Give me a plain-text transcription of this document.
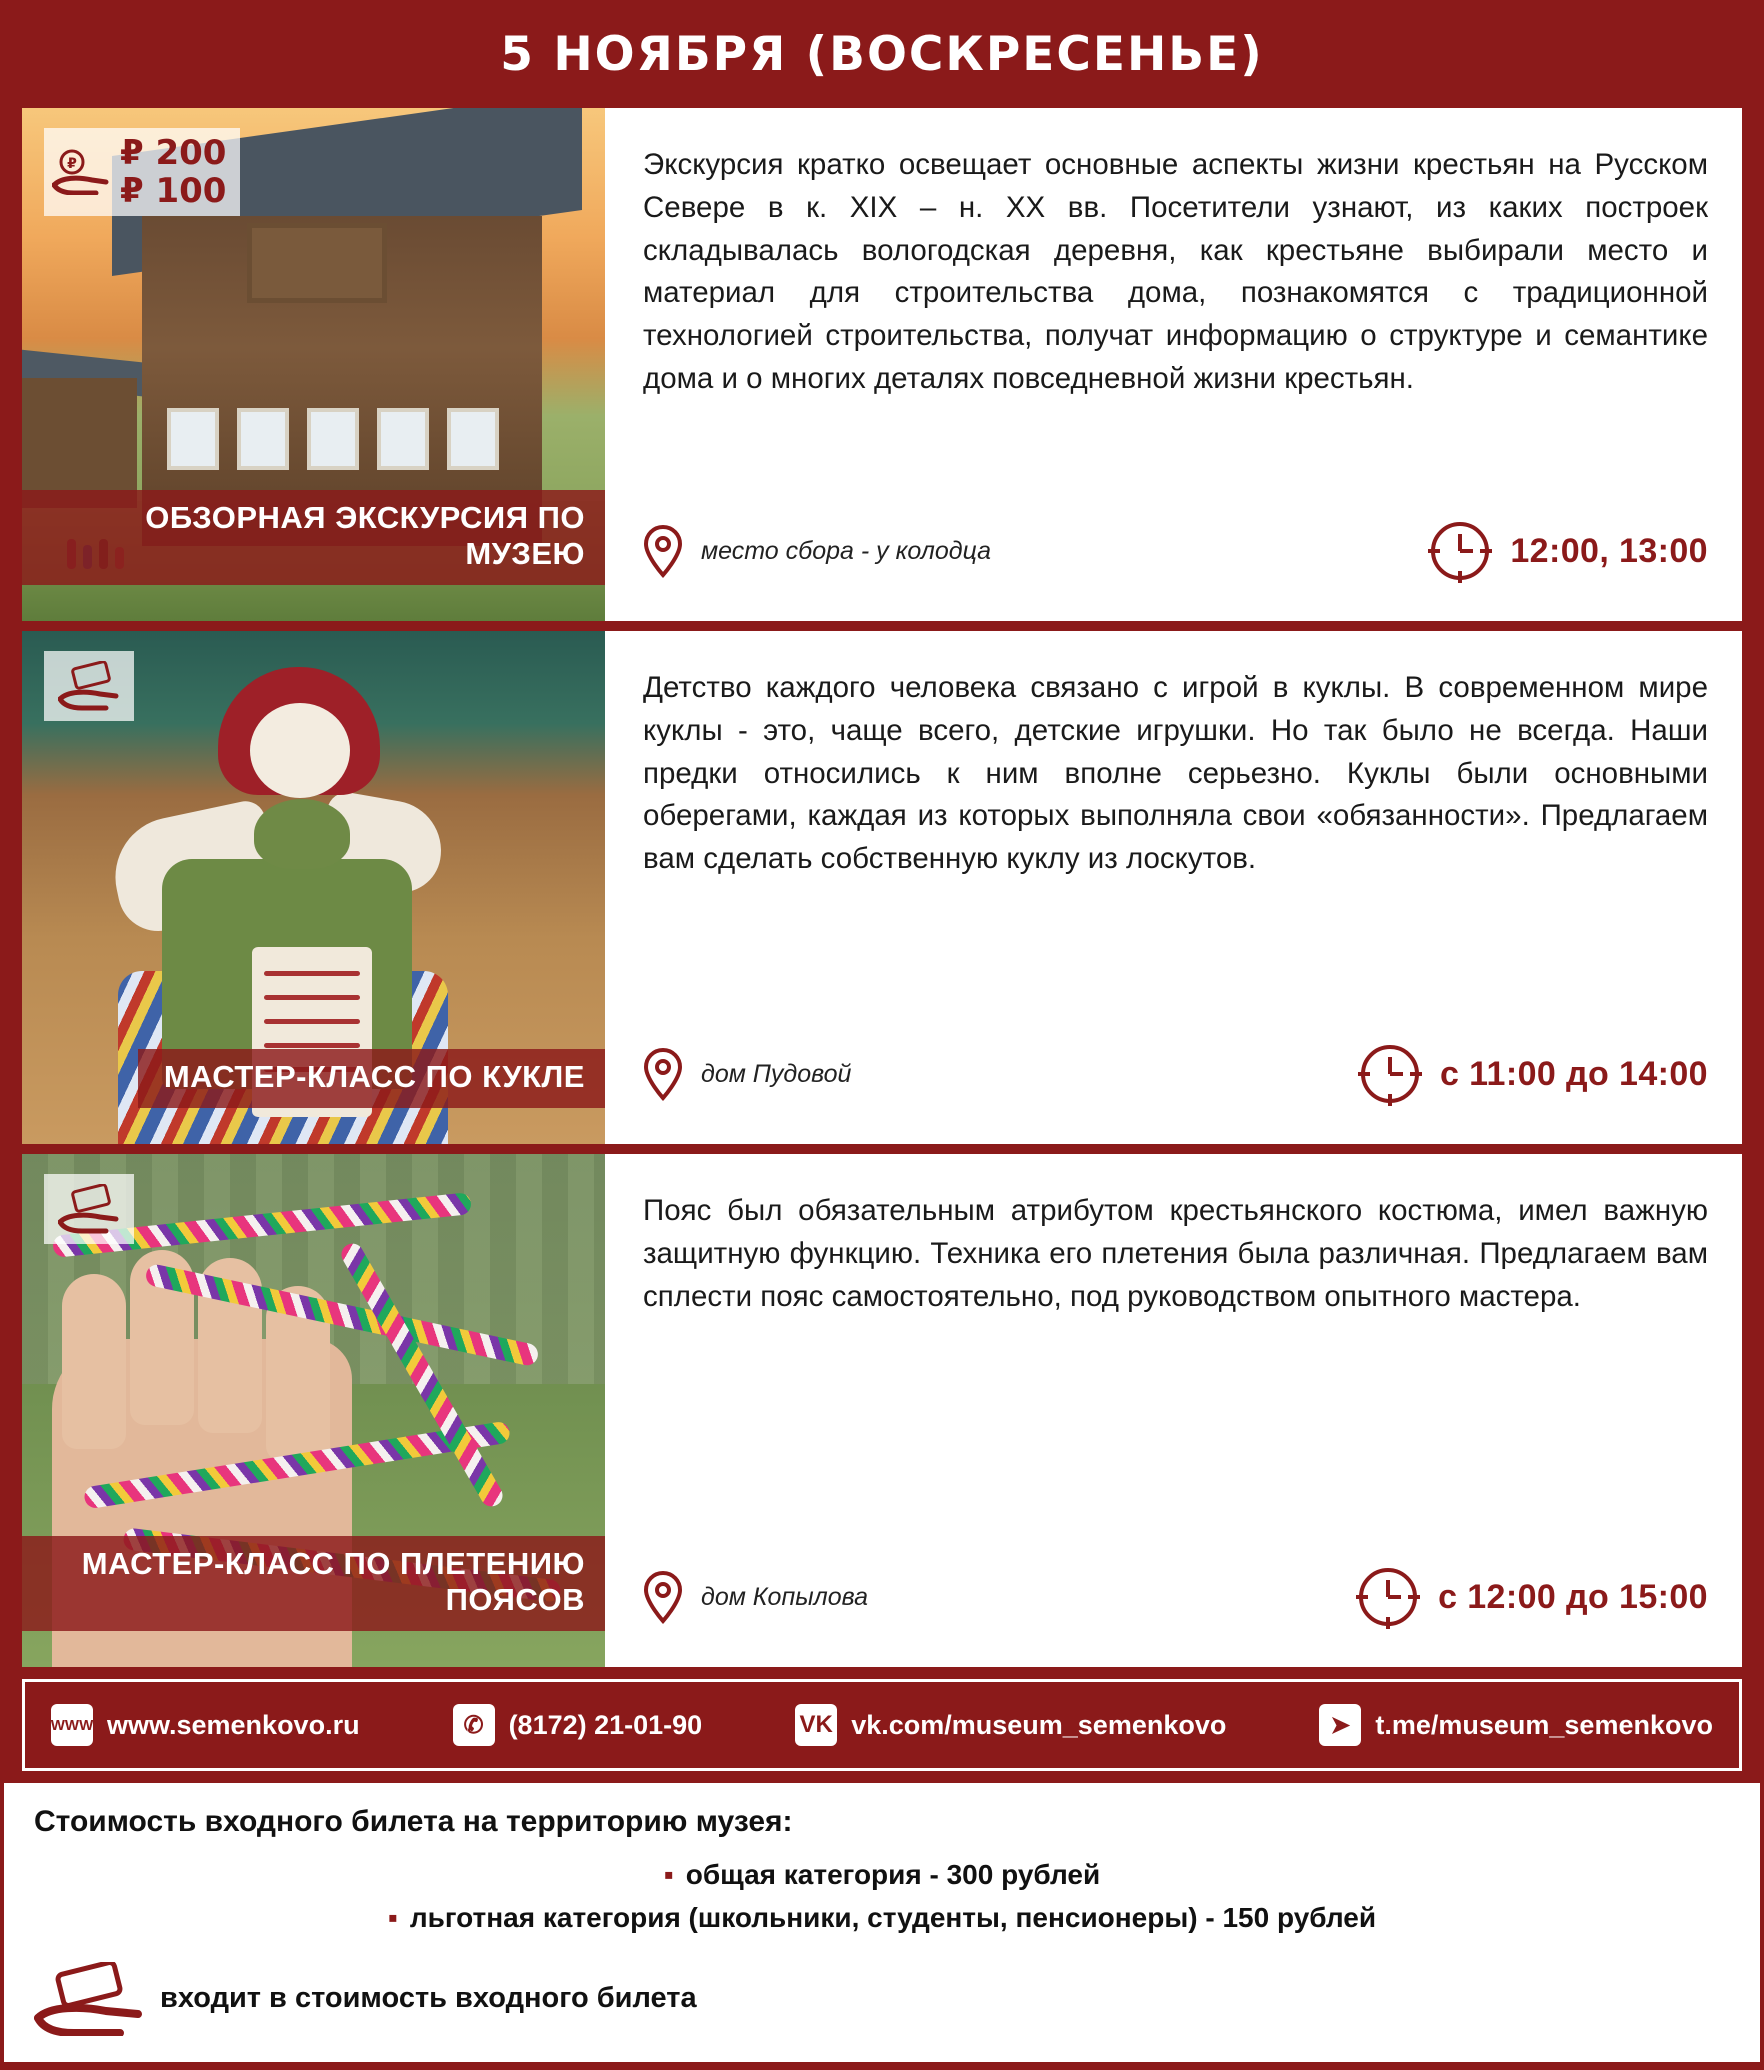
5 НОЯБРЯ (ВОСКРЕСЕНЬЕ)
₽ ₽ 200
₽ 100
ОБЗОРНАЯ ЭКСКУРСИЯ ПО МУЗЕЮ
Экскурсия кратко освещает основные аспекты жизни крестьян на Русском Севере в к. XIX – н. XX вв. Посетители узнают, из каких построек складывалась вологодская деревня, как крестьяне выбирали место и материал для строительства дома, познакомятся с традиционной технологией строительства, получат информацию о структуре и семантике дома и о многих деталях повседневной жизни крестьян.
место сбора - у колодца	12:00, 13:00
МАСТЕР-КЛАСС ПО КУКЛЕ
Детство каждого человека связано с игрой в куклы. В современном мире куклы - это, чаще всего, детские игрушки. Но так было не всегда. Наши предки относились к ним вполне серьезно. Куклы были основными оберегами, каждая из которых выполняла свои «обязанности». Предлагаем вам сделать собственную куклу из лоскутов.
дом Пудовой	с 11:00 до 14:00
МАСТЕР-КЛАСС ПО ПЛЕТЕНИЮ ПОЯСОВ
Пояс был обязательным атрибутом крестьянского костюма, имел важную защитную функцию. Техника его плетения была различная. Предлагаем вам сплести пояс самостоятельно, под руководством опытного мастера.
дом Копылова	с 12:00 до 15:00
WWW www.semenkovo.ru	✆ (8172) 21-01-90	VK vk.com/museum_semenkovo	➤ t.me/museum_semenkovo
Стоимость входного билета на территорию музея:
▪ общая категория - 300 рублей
▪ льготная категория (школьники, студенты, пенсионеры) - 150 рублей
входит в стоимость входного билета
